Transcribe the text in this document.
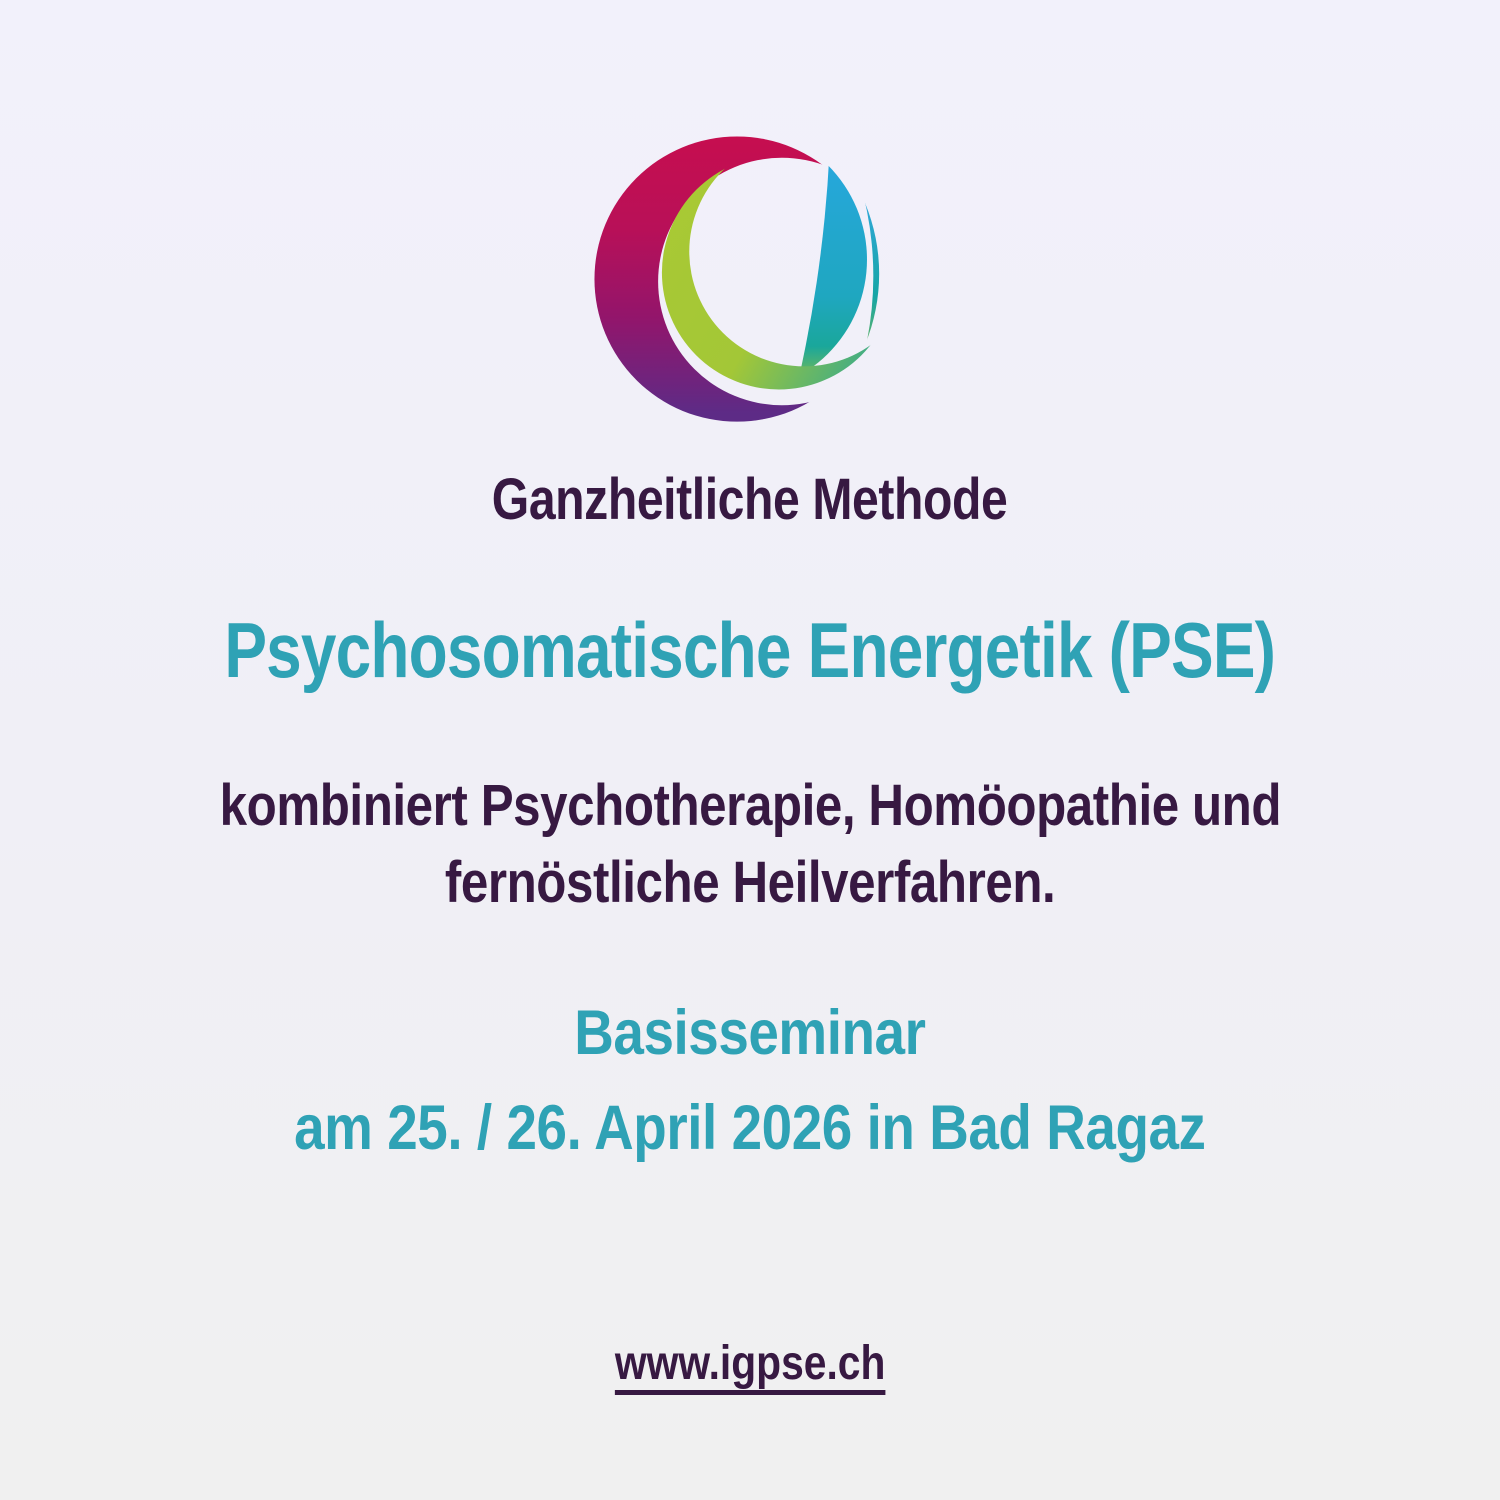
Ganzheitliche Methode
Psychosomatische Energetik (PSE)
kombiniert Psychotherapie, Homöopathie und
fernöstliche Heilverfahren.
Basisseminar
am 25. / 26. April 2026 in Bad Ragaz
www.igpse.ch
